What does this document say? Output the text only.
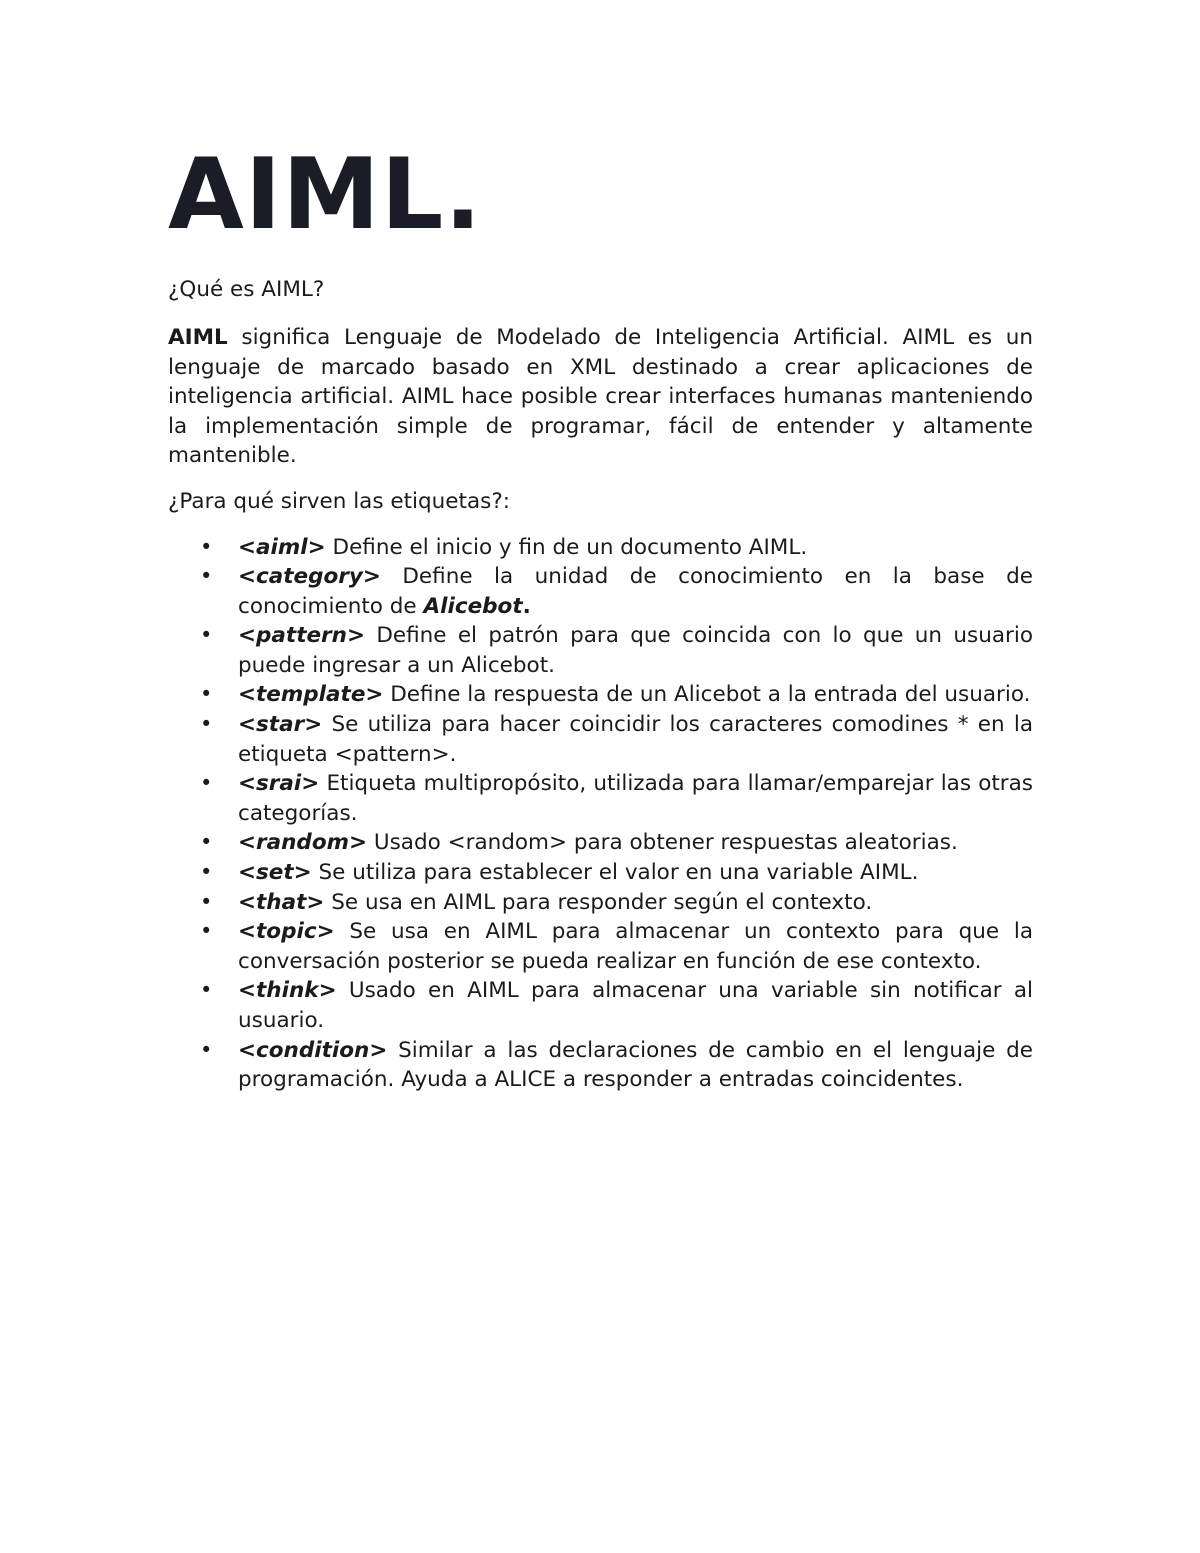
AIML.

¿Qué es AIML?

AIML significa Lenguaje de Modelado de Inteligencia Artificial. AIML es un lenguaje de marcado basado en XML destinado a crear aplicaciones de inteligencia artificial. AIML hace posible crear interfaces humanas manteniendo la implementación simple de programar, fácil de entender y altamente mantenible.

¿Para qué sirven las etiquetas?:

• <aiml> Define el inicio y fin de un documento AIML.
• <category> Define la unidad de conocimiento en la base de conocimiento de Alicebot.
• <pattern> Define el patrón para que coincida con lo que un usuario puede ingresar a un Alicebot.
• <template> Define la respuesta de un Alicebot a la entrada del usuario.
• <star> Se utiliza para hacer coincidir los caracteres comodines * en la etiqueta <pattern>.
• <srai> Etiqueta multipropósito, utilizada para llamar/emparejar las otras categorías.
• <random> Usado <random> para obtener respuestas aleatorias.
• <set> Se utiliza para establecer el valor en una variable AIML.
• <that> Se usa en AIML para responder según el contexto.
• <topic> Se usa en AIML para almacenar un contexto para que la conversación posterior se pueda realizar en función de ese contexto.
• <think> Usado en AIML para almacenar una variable sin notificar al usuario.
• <condition> Similar a las declaraciones de cambio en el lenguaje de programación. Ayuda a ALICE a responder a entradas coincidentes.
